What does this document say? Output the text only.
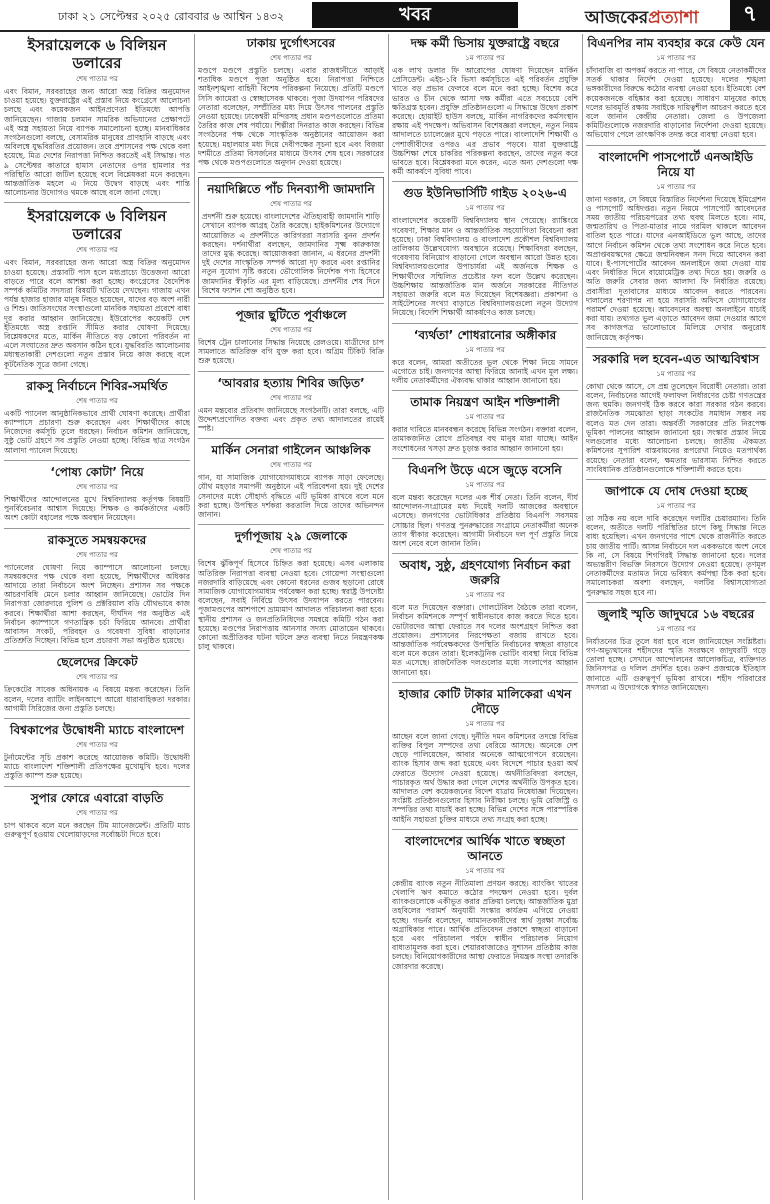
ঢাকা ২১ সেপ্টেম্বর ২০২৫ রোববার ৬ আশ্বিন ১৪৩২	খবর	আজকেরপ্রত্যাশা	৭
ইসরায়েলকে ৬ বিলিয়ন ডলারের
শেষ পাতার পর
এবং বিমান, সরবরাহের জন্য আরো অস্ত্র বিক্রির অনুমোদন চাওয়া হয়েছে। যুক্তরাষ্ট্রের এই প্রস্তাব নিয়ে কংগ্রেসে আলোচনা চলছে এবং কয়েকজন আইনপ্রণেতা ইতিমধ্যে আপত্তি জানিয়েছেন। গাজায় চলমান সামরিক অভিযানের প্রেক্ষাপটে এই অস্ত্র সহায়তা নিয়ে ব্যাপক সমালোচনা হচ্ছে। মানবাধিকার সংগঠনগুলো বলছে, বেসামরিক মানুষের প্রাণহানি বাড়ছে এবং অবিলম্বে যুদ্ধবিরতির প্রয়োজন। তবে প্রশাসনের পক্ষ থেকে বলা হয়েছে, মিত্র দেশের নিরাপত্তা নিশ্চিত করতেই এই সিদ্ধান্ত। গত ৯ সেপ্টেম্বর কাতারে হামাস নেতাদের ওপর হামলার পর পরিস্থিতি আরো জটিল হয়েছে বলে বিশ্লেষকরা মনে করছেন। আন্তর্জাতিক মহলে এ নিয়ে উদ্বেগ বাড়ছে এবং শান্তি আলোচনার উদ্যোগও থমকে আছে বলে জানা গেছে।
ইসরায়েলকে ৬ বিলিয়ন ডলারের
শেষ পাতার পর
এবং বিমান, সরবরাহের জন্য আরো অস্ত্র বিক্রির অনুমোদন চাওয়া হয়েছে। প্রস্তাবটি পাস হলে মধ্যপ্রাচ্যে উত্তেজনা আরো বাড়তে পারে বলে আশঙ্কা করা হচ্ছে। কংগ্রেসের বৈদেশিক সম্পর্ক কমিটির সদস্যরা বিষয়টি খতিয়ে দেখছেন। গাজায় এখন পর্যন্ত হাজার হাজার মানুষ নিহত হয়েছেন, যাদের বড় অংশ নারী ও শিশু। জাতিসংঘের সংস্থাগুলো মানবিক সহায়তা প্রবেশে বাধা দূর করার আহ্বান জানিয়েছে। ইউরোপের কয়েকটি দেশ ইতিমধ্যে অস্ত্র রপ্তানি সীমিত করার ঘোষণা দিয়েছে। বিশ্লেষকদের মতে, মার্কিন নীতিতে বড় কোনো পরিবর্তন না এলে সংঘাতের দ্রুত অবসান কঠিন হবে। যুদ্ধবিরতি আলোচনায় মধ্যস্থতাকারী দেশগুলো নতুন প্রস্তাব নিয়ে কাজ করছে বলে কূটনৈতিক সূত্রে জানা গেছে।
রাকসু নির্বাচনে শিবির-সমর্থিত
শেষ পাতার পর
একটি প্যানেল আনুষ্ঠানিকভাবে প্রার্থী ঘোষণা করেছে। প্রার্থীরা ক্যাম্পাসে প্রচারণা শুরু করেছেন এবং শিক্ষার্থীদের কাছে নিজেদের কর্মসূচি তুলে ধরছেন। নির্বাচন কমিশন জানিয়েছে, সুষ্ঠু ভোট গ্রহণে সব প্রস্তুতি নেওয়া হচ্ছে। বিভিন্ন ছাত্র সংগঠন আলাদা প্যানেল দিয়েছে।
‘পোষ্য কোটা’ নিয়ে
শেষ পাতার পর
শিক্ষার্থীদের আন্দোলনের মুখে বিশ্ববিদ্যালয় কর্তৃপক্ষ বিষয়টি পুনর্বিবেচনার আশ্বাস দিয়েছে। শিক্ষক ও কর্মকর্তাদের একটি অংশ কোটা বহালের পক্ষে অবস্থান নিয়েছেন।
রাকসুতে সমন্বয়কদের
শেষ পাতার পর
প্যানেলের ঘোষণা নিয়ে ক্যাম্পাসে আলোচনা চলছে। সমন্বয়কদের পক্ষ থেকে বলা হয়েছে, শিক্ষার্থীদের অধিকার আদায়ে তারা নির্বাচনে অংশ নিচ্ছেন। প্রশাসন সব পক্ষকে আচরণবিধি মেনে চলার আহ্বান জানিয়েছে। ভোটের দিন নিরাপত্তা জোরদারে পুলিশ ও প্রক্টরিয়াল বডি যৌথভাবে কাজ করবে। শিক্ষার্থীরা আশা করছেন, দীর্ঘদিন পর অনুষ্ঠিত এই নির্বাচন ক্যাম্পাসে গণতান্ত্রিক চর্চা ফিরিয়ে আনবে। প্রার্থীরা আবাসন সংকট, পরিবহন ও গবেষণা সুবিধা বাড়ানোর প্রতিশ্রুতি দিচ্ছেন। বিভিন্ন হলে প্রচারণা সভা অনুষ্ঠিত হয়েছে।
ছেলেদের ক্রিকেট
শেষ পাতার পর
ক্রিকেটের সাবেক অধিনায়ক এ বিষয়ে মন্তব্য করেছেন। তিনি বলেন, দলের ব্যাটিং লাইনআপে আরো ধারাবাহিকতা দরকার। আগামী সিরিজের জন্য প্রস্তুতি চলছে।
বিশ্বকাপের উদ্বোধনী ম্যাচে বাংলাদেশ
শেষ পাতার পর
টুর্নামেন্টের সূচি প্রকাশ করেছে আয়োজক কমিটি। উদ্বোধনী ম্যাচে বাংলাদেশ শক্তিশালী প্রতিপক্ষের মুখোমুখি হবে। দলের প্রস্তুতি ক্যাম্প শুরু হয়েছে।
সুপার ফোরে এবারো বাড়তি
শেষ পাতার পর
চাপ থাকবে বলে মনে করছেন টিম ম্যানেজমেন্ট। প্রতিটি ম্যাচ গুরুত্বপূর্ণ হওয়ায় খেলোয়াড়দের সর্বোচ্চটা দিতে হবে।
ঢাকায় দুর্গোৎসবের
শেষ পাতার পর
মণ্ডপে মণ্ডপে প্রস্তুতি চলছে। এবার রাজধানীতে আড়াই শতাধিক মণ্ডপে পূজা অনুষ্ঠিত হবে। নিরাপত্তা নিশ্চিতে আইনশৃঙ্খলা বাহিনী বিশেষ পরিকল্পনা নিয়েছে। প্রতিটি মণ্ডপে সিসি ক্যামেরা ও স্বেচ্ছাসেবক থাকবে। পূজা উদযাপন পরিষদের নেতারা বলেছেন, সম্প্রীতির মধ্য দিয়ে উৎসব পালনের প্রস্তুতি নেওয়া হয়েছে। ঢাকেশ্বরী মন্দিরসহ প্রধান মণ্ডপগুলোতে প্রতিমা তৈরির কাজ শেষ পর্যায়ে। শিল্পীরা দিনরাত কাজ করছেন। বিভিন্ন সংগঠনের পক্ষ থেকে সাংস্কৃতিক অনুষ্ঠানের আয়োজন করা হয়েছে। মহালয়ার মধ্য দিয়ে দেবীপক্ষের সূচনা হবে এবং বিজয়া দশমীতে প্রতিমা বিসর্জনের মাধ্যমে উৎসব শেষ হবে। সরকারের পক্ষ থেকে মণ্ডপগুলোতে অনুদান দেওয়া হয়েছে।
নয়াদিল্লিতে পাঁচ দিনব্যাপী জামদানি
শেষ পাতার পর
প্রদর্শনী শুরু হয়েছে। বাংলাদেশের ঐতিহ্যবাহী জামদানি শাড়ি সেখানে ব্যাপক আগ্রহ তৈরি করেছে। হাইকমিশনের উদ্যোগে আয়োজিত এ প্রদর্শনীতে কারিগররা সরাসরি বুনন প্রদর্শন করছেন। দর্শনার্থীরা বলছেন, জামদানির সূক্ষ্ম কারুকাজ তাদের মুগ্ধ করেছে। আয়োজকরা জানান, এ ধরনের প্রদর্শনী দুই দেশের সাংস্কৃতিক সম্পর্ক আরো দৃঢ় করবে এবং রপ্তানির নতুন সুযোগ সৃষ্টি করবে। ভৌগোলিক নির্দেশক পণ্য হিসেবে জামদানির স্বীকৃতি এর মূল্য বাড়িয়েছে। প্রদর্শনীর শেষ দিনে বিশেষ ফ্যাশন শো অনুষ্ঠিত হবে।
পূজার ছুটিতে পূর্বাঞ্চলে
শেষ পাতার পর
বিশেষ ট্রেন চালানোর সিদ্ধান্ত নিয়েছে রেলওয়ে। যাত্রীদের চাপ সামলাতে অতিরিক্ত বগি যুক্ত করা হবে। অগ্রিম টিকিট বিক্রি শুরু হয়েছে।
‘আবরার হত্যায় শিবির জড়িত’
শেষ পাতার পর
এমন মন্তব্যের প্রতিবাদ জানিয়েছে সংগঠনটি। তারা বলছে, এটি উদ্দেশ্যপ্রণোদিত বক্তব্য এবং প্রকৃত তথ্য আদালতের রায়েই স্পষ্ট।
মার্কিন সেনারা গাইলেন আঞ্চলিক
শেষ পাতার পর
গান, যা সামাজিক যোগাযোগমাধ্যমে ব্যাপক সাড়া ফেলেছে। যৌথ মহড়ার সমাপনী অনুষ্ঠানে এই পরিবেশনা হয়। দুই দেশের সেনাদের মধ্যে সৌহার্দ্য বৃদ্ধিতে এটি ভূমিকা রাখবে বলে মনে করা হচ্ছে। উপস্থিত দর্শকরা করতালি দিয়ে তাদের অভিনন্দন জানান।
দুর্গাপূজায় ২৯ জেলাকে
শেষ পাতার পর
বিশেষ ঝুঁকিপূর্ণ হিসেবে চিহ্নিত করা হয়েছে। এসব এলাকায় অতিরিক্ত নিরাপত্তা ব্যবস্থা নেওয়া হবে। গোয়েন্দা সংস্থাগুলো নজরদারি বাড়িয়েছে এবং কোনো ধরনের গুজব ছড়ানো রোধে সামাজিক যোগাযোগমাধ্যম পর্যবেক্ষণ করা হচ্ছে। স্বরাষ্ট্র উপদেষ্টা বলেছেন, সবাই নির্বিঘ্নে উৎসব উদযাপন করতে পারবেন। পূজামণ্ডপের আশপাশে ভ্রাম্যমাণ আদালত পরিচালনা করা হবে। স্থানীয় প্রশাসন ও জনপ্রতিনিধিদের সমন্বয়ে কমিটি গঠন করা হয়েছে। মণ্ডপের নিরাপত্তায় আনসার সদস্য মোতায়েন থাকবে। কোনো অপ্রীতিকর ঘটনা ঘটলে দ্রুত ব্যবস্থা নিতে নিয়ন্ত্রণকক্ষ চালু থাকবে।
দক্ষ কর্মী ভিসায় যুক্তরাষ্ট্রে বছরে
১ম পাতার পর
এক লাখ ডলার ফি আরোপের ঘোষণা দিয়েছেন মার্কিন প্রেসিডেন্ট। এইচ-১বি ভিসা কর্মসূচিতে এই পরিবর্তন প্রযুক্তি খাতে বড় প্রভাব ফেলবে বলে মনে করা হচ্ছে। বিশেষ করে ভারত ও চীন থেকে আসা দক্ষ কর্মীরা এতে সবচেয়ে বেশি ক্ষতিগ্রস্ত হবেন। প্রযুক্তি প্রতিষ্ঠানগুলো এ সিদ্ধান্তে উদ্বেগ প্রকাশ করেছে। হোয়াইট হাউস বলছে, মার্কিন নাগরিকদের কর্মসংস্থান রক্ষায় এই পদক্ষেপ। অভিবাসন বিশেষজ্ঞরা বলছেন, নতুন নিয়ম আদালতে চ্যালেঞ্জের মুখে পড়তে পারে। বাংলাদেশি শিক্ষার্থী ও পেশাজীবীদের ওপরও এর প্রভাব পড়বে। যারা যুক্তরাষ্ট্রে উচ্চশিক্ষা শেষে চাকরির পরিকল্পনা করছেন, তাদের নতুন করে ভাবতে হবে। বিশ্লেষকরা মনে করেন, এতে অন্য দেশগুলো দক্ষ কর্মী আকর্ষণে সুবিধা পাবে।
গুড ইউনিভার্সিটি গাইড ২০২৬-এ
১ম পাতার পর
বাংলাদেশের কয়েকটি বিশ্ববিদ্যালয় স্থান পেয়েছে। র‍্যাঙ্কিংয়ে গবেষণা, শিক্ষার মান ও আন্তর্জাতিক সহযোগিতা বিবেচনা করা হয়েছে। ঢাকা বিশ্ববিদ্যালয় ও বাংলাদেশ প্রকৌশল বিশ্ববিদ্যালয় তালিকায় উল্লেখযোগ্য অবস্থানে রয়েছে। শিক্ষাবিদরা বলছেন, গবেষণায় বিনিয়োগ বাড়ানো গেলে অবস্থান আরো উন্নত হবে। বিশ্ববিদ্যালয়গুলোর উপাচার্যরা এই অর্জনকে শিক্ষক ও শিক্ষার্থীদের সম্মিলিত প্রচেষ্টার ফল বলে উল্লেখ করেছেন। উচ্চশিক্ষায় আন্তর্জাতিক মান অর্জনে সরকারের নীতিগত সহায়তা জরুরি বলে মত দিয়েছেন বিশেষজ্ঞরা। প্রকাশনা ও সাইটেশনের সংখ্যা বাড়াতে বিশ্ববিদ্যালয়গুলো নতুন উদ্যোগ নিয়েছে। বিদেশি শিক্ষার্থী আকর্ষণেও কাজ চলছে।
‘ব্যর্থতা’ শোধরানোর অঙ্গীকার
১ম পাতার পর
করে বলেন, আমরা অতীতের ভুল থেকে শিক্ষা নিয়ে সামনে এগোতে চাই। জনগণের আস্থা ফিরিয়ে আনাই এখন মূল লক্ষ্য। দলীয় নেতাকর্মীদের ঐক্যবদ্ধ থাকার আহ্বান জানানো হয়।
তামাক নিয়ন্ত্রণ আইন শক্তিশালী
১ম পাতার পর
করার দাবিতে মানববন্ধন করেছে বিভিন্ন সংগঠন। বক্তারা বলেন, তামাকজনিত রোগে প্রতিবছর বহু মানুষ মারা যাচ্ছে। আইন সংশোধনের খসড়া দ্রুত চূড়ান্ত করার আহ্বান জানানো হয়।
বিএনপি উড়ে এসে জুড়ে বসেনি
১ম পাতার পর
বলে মন্তব্য করেছেন দলের এক শীর্ষ নেতা। তিনি বলেন, দীর্ঘ আন্দোলন-সংগ্রামের মধ্য দিয়েই দলটি আজকের অবস্থানে এসেছে। জনগণের ভোটাধিকার প্রতিষ্ঠায় বিএনপি সবসময় সোচ্চার ছিল। গণতন্ত্র পুনরুদ্ধারের সংগ্রামে নেতাকর্মীরা অনেক ত্যাগ স্বীকার করেছেন। আগামী নির্বাচনে দল পূর্ণ প্রস্তুতি নিয়ে অংশ নেবে বলে জানান তিনি।
অবাধ, সুষ্ঠু, গ্রহণযোগ্য নির্বাচন করা জরুরি
১ম পাতার পর
বলে মত দিয়েছেন বক্তারা। গোলটেবিল বৈঠকে তারা বলেন, নির্বাচন কমিশনকে সম্পূর্ণ স্বাধীনভাবে কাজ করতে দিতে হবে। ভোটারদের আস্থা ফেরাতে সব দলের অংশগ্রহণ নিশ্চিত করা প্রয়োজন। প্রশাসনের নিরপেক্ষতা বজায় রাখতে হবে। আন্তর্জাতিক পর্যবেক্ষকদের উপস্থিতি নির্বাচনের স্বচ্ছতা বাড়াবে বলে মনে করেন তারা। ইলেকট্রনিক ভোটিং ব্যবস্থা নিয়ে বিভিন্ন মত এসেছে। রাজনৈতিক দলগুলোর মধ্যে সংলাপের আহ্বান জানানো হয়।
হাজার কোটি টাকার মালিকেরা এখন দৌড়ে
১ম পাতার পর
আছেন বলে জানা গেছে। দুর্নীতি দমন কমিশনের তদন্তে বিভিন্ন ব্যক্তির বিপুল সম্পদের তথ্য বেরিয়ে আসছে। অনেকে দেশ ছেড়ে পালিয়েছেন, আবার অনেকে আত্মগোপনে রয়েছেন। ব্যাংক হিসাব জব্দ করা হয়েছে এবং বিদেশে পাচার হওয়া অর্থ ফেরাতে উদ্যোগ নেওয়া হয়েছে। অর্থনীতিবিদরা বলছেন, পাচারকৃত অর্থ উদ্ধার করা গেলে দেশের অর্থনীতি উপকৃত হবে। আদালত বেশ কয়েকজনের বিদেশ যাত্রায় নিষেধাজ্ঞা দিয়েছেন। সংশ্লিষ্ট প্রতিষ্ঠানগুলোর হিসাব নিরীক্ষা চলছে। ভূমি রেজিস্ট্রি ও সম্পত্তির তথ্য যাচাই করা হচ্ছে। বিভিন্ন দেশের সঙ্গে পারস্পরিক আইনি সহায়তা চুক্তির মাধ্যমে তথ্য সংগ্রহ করা হচ্ছে।
বাংলাদেশের আর্থিক খাতে স্বচ্ছতা আনতে
১ম পাতার পর
কেন্দ্রীয় ব্যাংক নতুন নীতিমালা প্রণয়ন করছে। ব্যাংকিং খাতের খেলাপি ঋণ কমাতে কঠোর পদক্ষেপ নেওয়া হবে। দুর্বল ব্যাংকগুলোকে একীভূত করার প্রক্রিয়া চলছে। আন্তর্জাতিক মুদ্রা তহবিলের পরামর্শ অনুযায়ী সংস্কার কার্যক্রম এগিয়ে নেওয়া হচ্ছে। গভর্নর বলেছেন, আমানতকারীদের স্বার্থ সুরক্ষা সর্বোচ্চ অগ্রাধিকার পাবে। আর্থিক প্রতিবেদন প্রকাশে স্বচ্ছতা বাড়ানো হবে এবং পরিচালনা পর্ষদে স্বাধীন পরিচালক নিয়োগ বাধ্যতামূলক করা হবে। শেয়ারবাজারেও সুশাসন প্রতিষ্ঠায় কাজ চলছে। বিনিয়োগকারীদের আস্থা ফেরাতে নিয়ন্ত্রক সংস্থা তদারকি জোরদার করেছে।
বিএনপির নাম ব্যবহার করে কেউ যেন
১ম পাতার পর
চাঁদাবাজি বা অপকর্ম করতে না পারে, সে বিষয়ে নেতাকর্মীদের সতর্ক থাকার নির্দেশ দেওয়া হয়েছে। দলের শৃঙ্খলা ভঙ্গকারীদের বিরুদ্ধে কঠোর ব্যবস্থা নেওয়া হবে। ইতিমধ্যে বেশ কয়েকজনকে বহিষ্কার করা হয়েছে। সাধারণ মানুষের কাছে দলের ভাবমূর্তি রক্ষায় সবাইকে দায়িত্বশীল আচরণ করতে হবে বলে জানান কেন্দ্রীয় নেতারা। জেলা ও উপজেলা কমিটিগুলোকে নজরদারি বাড়ানোর নির্দেশনা দেওয়া হয়েছে। অভিযোগ পেলে তাৎক্ষণিক তদন্ত করে ব্যবস্থা নেওয়া হবে।
বাংলাদেশি পাসপোর্টে এনআইডি নিয়ে যা
১ম পাতার পর
জানা দরকার, সে বিষয়ে বিস্তারিত নির্দেশনা দিয়েছে ইমিগ্রেশন ও পাসপোর্ট অধিদপ্তর। নতুন নিয়মে পাসপোর্ট আবেদনের সময় জাতীয় পরিচয়পত্রের তথ্য হুবহু মিলতে হবে। নাম, জন্মতারিখ ও পিতা-মাতার নামে গরমিল থাকলে আবেদন বাতিল হতে পারে। যাদের এনআইডিতে ভুল আছে, তাদের আগে নির্বাচন কমিশন থেকে তথ্য সংশোধন করে নিতে হবে। অপ্রাপ্তবয়স্কদের ক্ষেত্রে জন্মনিবন্ধন সনদ দিয়ে আবেদন করা যাবে। ই-পাসপোর্টের আবেদন অনলাইনে জমা দেওয়া যায় এবং নির্ধারিত দিনে বায়োমেট্রিক তথ্য দিতে হয়। জরুরি ও অতি জরুরি সেবার জন্য আলাদা ফি নির্ধারিত রয়েছে। প্রবাসীরা দূতাবাসের মাধ্যমে আবেদন করতে পারবেন। দালালের শরণাপন্ন না হয়ে সরাসরি অফিসে যোগাযোগের পরামর্শ দেওয়া হয়েছে। আবেদনের অবস্থা অনলাইনে যাচাই করা যায়। তথ্যগত ভুল এড়াতে আবেদন জমা দেওয়ার আগে সব কাগজপত্র ভালোভাবে মিলিয়ে দেখার অনুরোধ জানিয়েছে কর্তৃপক্ষ।
সরকারি দল হবেন-এত আত্মবিশ্বাস
১ম পাতার পর
কোথা থেকে আসে, সে প্রশ্ন তুলেছেন বিরোধী নেতারা। তারা বলেন, নির্বাচনের আগেই ফলাফল নির্ধারণের চেষ্টা গণতন্ত্রের জন্য হুমকি। জনগণই ঠিক করবে কারা সরকার গঠন করবে। রাজনৈতিক সমঝোতা ছাড়া সংকটের সমাধান সম্ভব নয় বলেও মত দেন তারা। অন্তর্বর্তী সরকারের প্রতি নিরপেক্ষ ভূমিকা পালনের আহ্বান জানানো হয়। সংস্কার প্রস্তাব নিয়ে দলগুলোর মধ্যে আলোচনা চলছে। জাতীয় ঐকমত্য কমিশনের সুপারিশ বাস্তবায়নের রূপরেখা নিয়েও মতপার্থক্য রয়েছে। নেতারা বলেন, ক্ষমতার ভারসাম্য নিশ্চিত করতে সাংবিধানিক প্রতিষ্ঠানগুলোকে শক্তিশালী করতে হবে।
জাপাকে যে দোষ দেওয়া হচ্ছে
১ম পাতার পর
তা সঠিক নয় বলে দাবি করেছেন দলটির চেয়ারম্যান। তিনি বলেন, অতীতে দলটি পরিস্থিতির চাপে কিছু সিদ্ধান্ত নিতে বাধ্য হয়েছিল। এখন জনগণের পাশে থেকে রাজনীতি করতে চায় জাতীয় পার্টি। আসন্ন নির্বাচনে দল এককভাবে অংশ নেবে কি না, সে বিষয়ে শিগগিরই সিদ্ধান্ত জানানো হবে। দলের অভ্যন্তরীণ বিভক্তি নিরসনে উদ্যোগ নেওয়া হয়েছে। তৃণমূল নেতাকর্মীদের মতামত নিয়ে ভবিষ্যৎ কর্মপন্থা ঠিক করা হবে। সমালোচকরা অবশ্য বলছেন, দলটির বিশ্বাসযোগ্যতা পুনরুদ্ধার সহজ হবে না।
জুলাই স্মৃতি জাদুঘরে ১৬ বছরের
১ম পাতার পর
নির্যাতনের চিত্র তুলে ধরা হবে বলে জানিয়েছেন সংশ্লিষ্টরা। গণ-অভ্যুত্থানের শহীদদের স্মৃতি সংরক্ষণে জাদুঘরটি গড়ে তোলা হচ্ছে। সেখানে আন্দোলনের আলোকচিত্র, ব্যক্তিগত জিনিসপত্র ও দলিল প্রদর্শিত হবে। তরুণ প্রজন্মকে ইতিহাস জানাতে এটি গুরুত্বপূর্ণ ভূমিকা রাখবে। শহীদ পরিবারের সদস্যরা এ উদ্যোগকে স্বাগত জানিয়েছেন।
